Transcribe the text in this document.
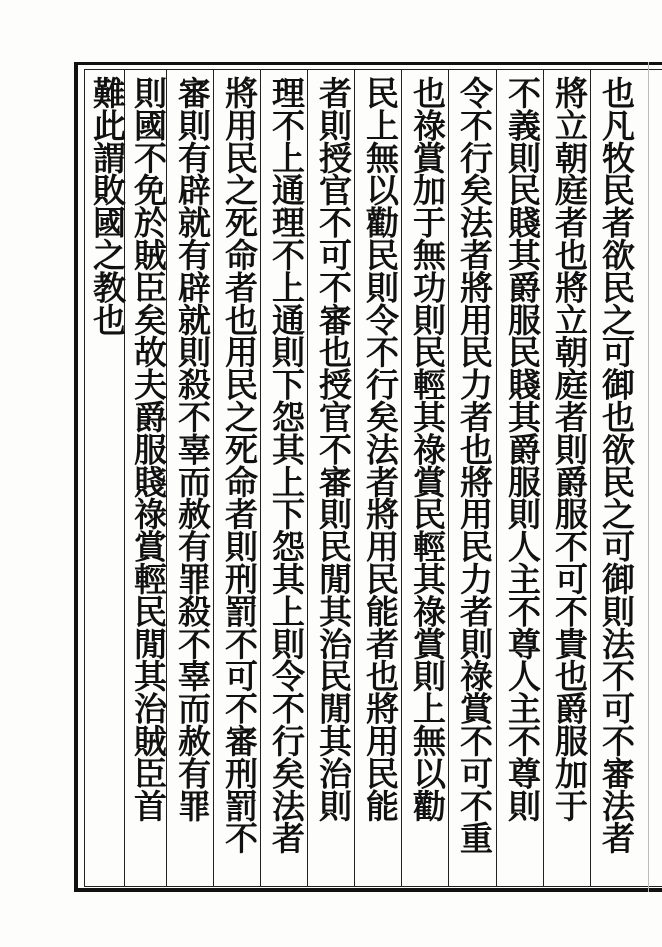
也凡牧民者欲民之可御也欲民之可御則法不可不審法者
將立朝庭者也將立朝庭者則爵服不可不貴也爵服加于
不義則民賤其爵服民賤其爵服則人主不尊人主不尊則
令不行矣法者將用民力者也將用民力者則祿賞不可不重
也祿賞加于無功則民輕其祿賞民輕其祿賞則上無以勸
民上無以勸民則令不行矣法者將用民能者也將用民能
者則授官不可不審也授官不審則民閒其治民閒其治則
理不上通理不上通則下怨其上下怨其上則令不行矣法者
將用民之死命者也用民之死命者則刑罰不可不審刑罰不
審則有辟就有辟就則殺不辜而赦有罪殺不辜而赦有罪
則國不免於賊臣矣故夫爵服賤祿賞輕民閒其治賊臣首
難此謂敗國之教也
